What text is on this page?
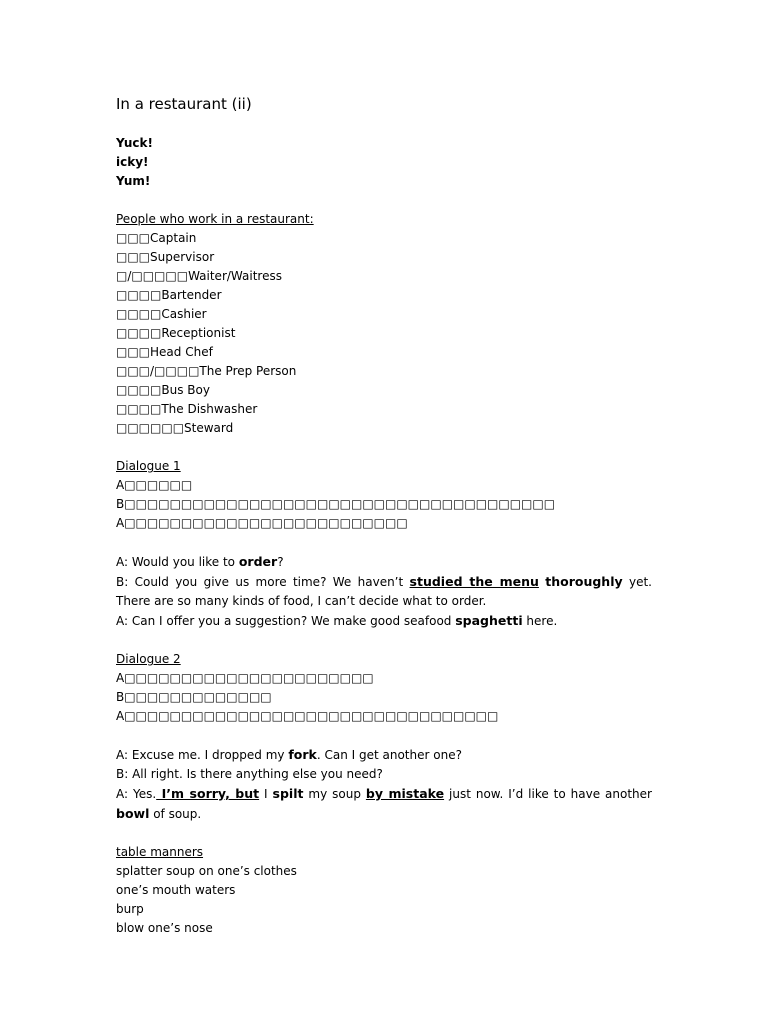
In a restaurant (ii)
Yuck!
icky!
Yum!
People who work in a restaurant:
□□□Captain
□□□Supervisor
□/□□□□□Waiter/Waitress
□□□□Bartender
□□□□Cashier
□□□□Receptionist
□□□Head Chef
□□□/□□□□The Prep Person
□□□□Bus Boy
□□□□The Dishwasher
□□□□□□Steward
Dialogue 1
A□□□□□□
B□□□□□□□□□□□□□□□□□□□□□□□□□□□□□□□□□□□□□□
A□□□□□□□□□□□□□□□□□□□□□□□□□

A: Would you like to order?

B: Could you give us more time? We haven’t studied the menu thoroughly yet. There are so many kinds of food, I can’t decide what to order.

A: Can I offer you a suggestion? We make good seafood spaghetti here.

Dialogue 2
A□□□□□□□□□□□□□□□□□□□□□□
B□□□□□□□□□□□□□
A□□□□□□□□□□□□□□□□□□□□□□□□□□□□□□□□□

A: Excuse me. I dropped my fork. Can I get another one?

B: All right. Is there anything else you need?

A: Yes. I’m sorry, but I spilt my soup by mistake just now. I’d like to have another bowl of soup.

table manners
splatter soup on one’s clothes
one’s mouth waters
burp
blow one’s nose
